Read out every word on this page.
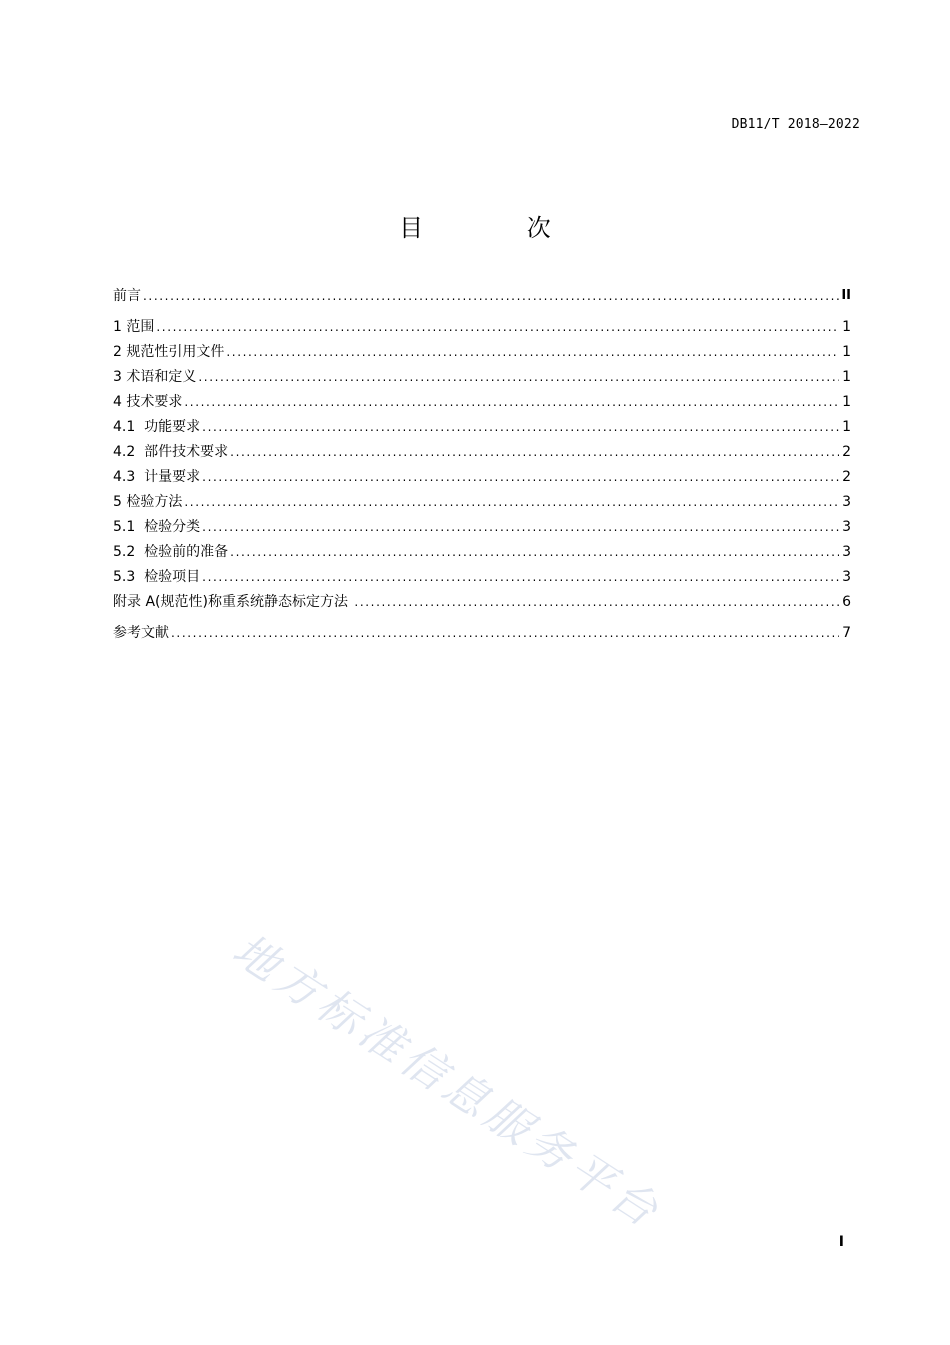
DB11/T 2018—2022
目 次
前言 .....	II
1 范围 .....	1
2 规范性引用文件 .....	1
3 术语和定义 .....	1
4 技术要求 .....	1
4.1  功能要求 .....	1
4.2  部件技术要求 .....	2
4.3  计量要求 .....	2
5 检验方法 .....	3
5.1  检验分类 .....	3
5.2  检验前的准备 .....	3
5.3  检验项目 .....	3
附录 A(规范性)称重系统静态标定方法 .....	6
参考文献 .....	7
地方标准信息服务平台
I
